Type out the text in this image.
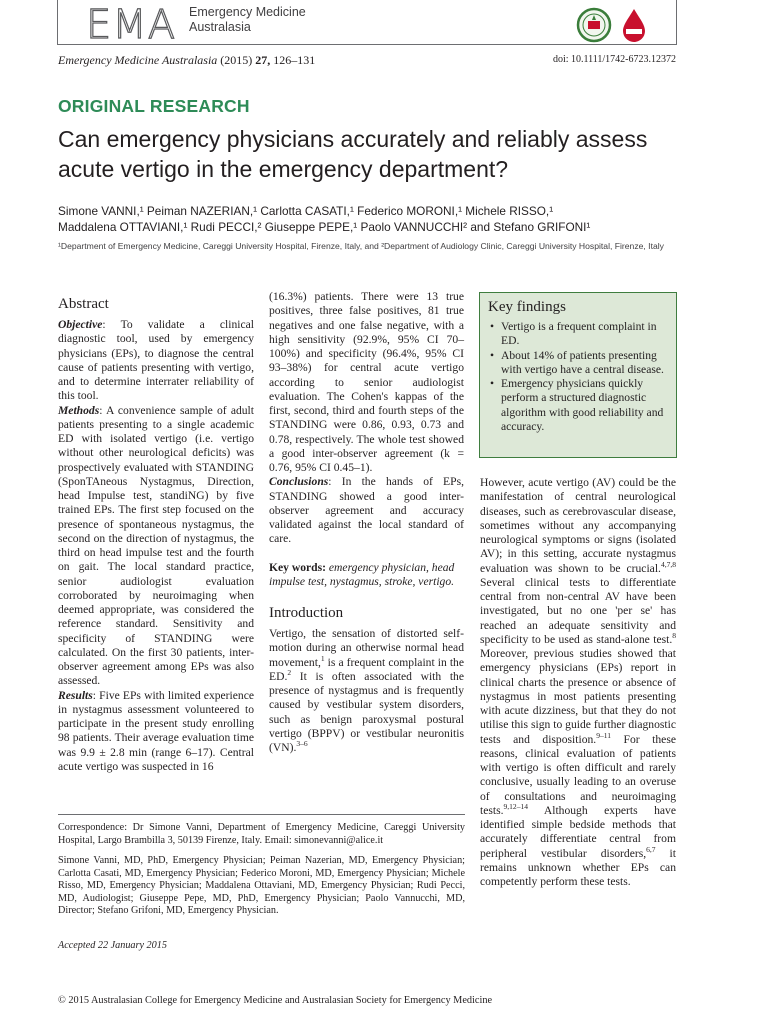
EMA Emergency Medicine
Australasia
Emergency Medicine Australasia (2015) 27, 126–131	doi: 10.1111/1742-6723.12372
ORIGINAL RESEARCH
Can emergency physicians accurately and reliably assess acute vertigo in the emergency department?
Simone VANNI,¹ Peiman NAZERIAN,¹ Carlotta CASATI,¹ Federico MORONI,¹ Michele RISSO,¹
Maddalena OTTAVIANI,¹ Rudi PECCI,² Giuseppe PEPE,¹ Paolo VANNUCCHI² and Stefano GRIFONI¹
¹Department of Emergency Medicine, Careggi University Hospital, Firenze, Italy, and ²Department of Audiology Clinic, Careggi University Hospital, Firenze, Italy
Abstract

Objective: To validate a clinical diagnostic tool, used by emergency physicians (EPs), to diagnose the central cause of patients presenting with vertigo, and to determine interrater reliability of this tool.

Methods: A convenience sample of adult patients presenting to a single academic ED with isolated vertigo (i.e. vertigo without other neurological deficits) was prospectively evaluated with STANDING (SponTAneous Nystagmus, Direction, head Impulse test, standiNG) by five trained EPs. The first step focused on the presence of spontaneous nystagmus, the second on the direction of nystagmus, the third on head impulse test and the fourth on gait. The local standard practice, senior audiologist evaluation corroborated by neuroimaging when deemed appropriate, was considered the reference standard. Sensitivity and specificity of STANDING were calculated. On the first 30 patients, inter-observer agreement among EPs was also assessed.

Results: Five EPs with limited experience in nystagmus assessment volunteered to participate in the present study enrolling 98 patients. Their average evaluation time was 9.9 ± 2.8 min (range 6–17). Central acute vertigo was suspected in 16

(16.3%) patients. There were 13 true positives, three false positives, 81 true negatives and one false negative, with a high sensitivity (92.9%, 95% CI 70–100%) and specificity (96.4%, 95% CI 93–38%) for central acute vertigo according to senior audiologist evaluation. The Cohen's kappas of the first, second, third and fourth steps of the STANDING were 0.86, 0.93, 0.73 and 0.78, respectively. The whole test showed a good inter-observer agreement (k = 0.76, 95% CI 0.45–1).

Conclusions: In the hands of EPs, STANDING showed a good inter-observer agreement and accuracy validated against the local standard of care.

Key words: emergency physician, head impulse test, nystagmus, stroke, vertigo.

Introduction

Vertigo, the sensation of distorted self-motion during an otherwise normal head movement,$^1$ is a frequent complaint in the ED.$^2$ It is often associated with the presence of nystagmus and is frequently caused by vestibular system disorders, such as benign paroxysmal postural vertigo (BPPV) or vestibular neuronitis (VN).$^{3-6}$

Key findings
• Vertigo is a frequent complaint in ED.
• About 14% of patients presenting with vertigo have a central disease.
• Emergency physicians quickly perform a structured diagnostic algorithm with good reliability and accuracy.

However, acute vertigo (AV) could be the manifestation of central neurological diseases, such as cerebrovascular disease, sometimes without any accompanying neurological symptoms or signs (isolated AV); in this setting, accurate nystagmus evaluation was shown to be crucial.$^{4,7,8}$ Several clinical tests to differentiate central from non-central AV have been investigated, but no one 'per se' has reached an adequate sensitivity and specificity to be used as stand-alone test.$^8$ Moreover, previous studies showed that emergency physicians (EPs) report in clinical charts the presence or absence of nystagmus in most patients presenting with acute dizziness, but that they do not utilise this sign to guide further diagnostic tests and disposition.$^{9-11}$ For these reasons, clinical evaluation of patients with vertigo is often difficult and rarely conclusive, usually leading to an overuse of consultations and neuroimaging tests.$^{9,12-14}$ Although experts have identified simple bedside methods that accurately differentiate central from peripheral vestibular disorders,$^{6,7}$ it remains unknown whether EPs can competently perform these tests.

Correspondence: Dr Simone Vanni, Department of Emergency Medicine, Careggi University Hospital, Largo Brambilla 3, 50139 Firenze, Italy. Email: simonevanni@alice.it
Simone Vanni, MD, PhD, Emergency Physician; Peiman Nazerian, MD, Emergency Physician; Carlotta Casati, MD, Emergency Physician; Federico Moroni, MD, Emergency Physician; Michele Risso, MD, Emergency Physician; Maddalena Ottaviani, MD, Emergency Physician; Rudi Pecci, MD, Audiologist; Giuseppe Pepe, MD, PhD, Emergency Physician; Paolo Vannucchi, MD, Director; Stefano Grifoni, MD, Emergency Physician.
Accepted 22 January 2015
© 2015 Australasian College for Emergency Medicine and Australasian Society for Emergency Medicine
